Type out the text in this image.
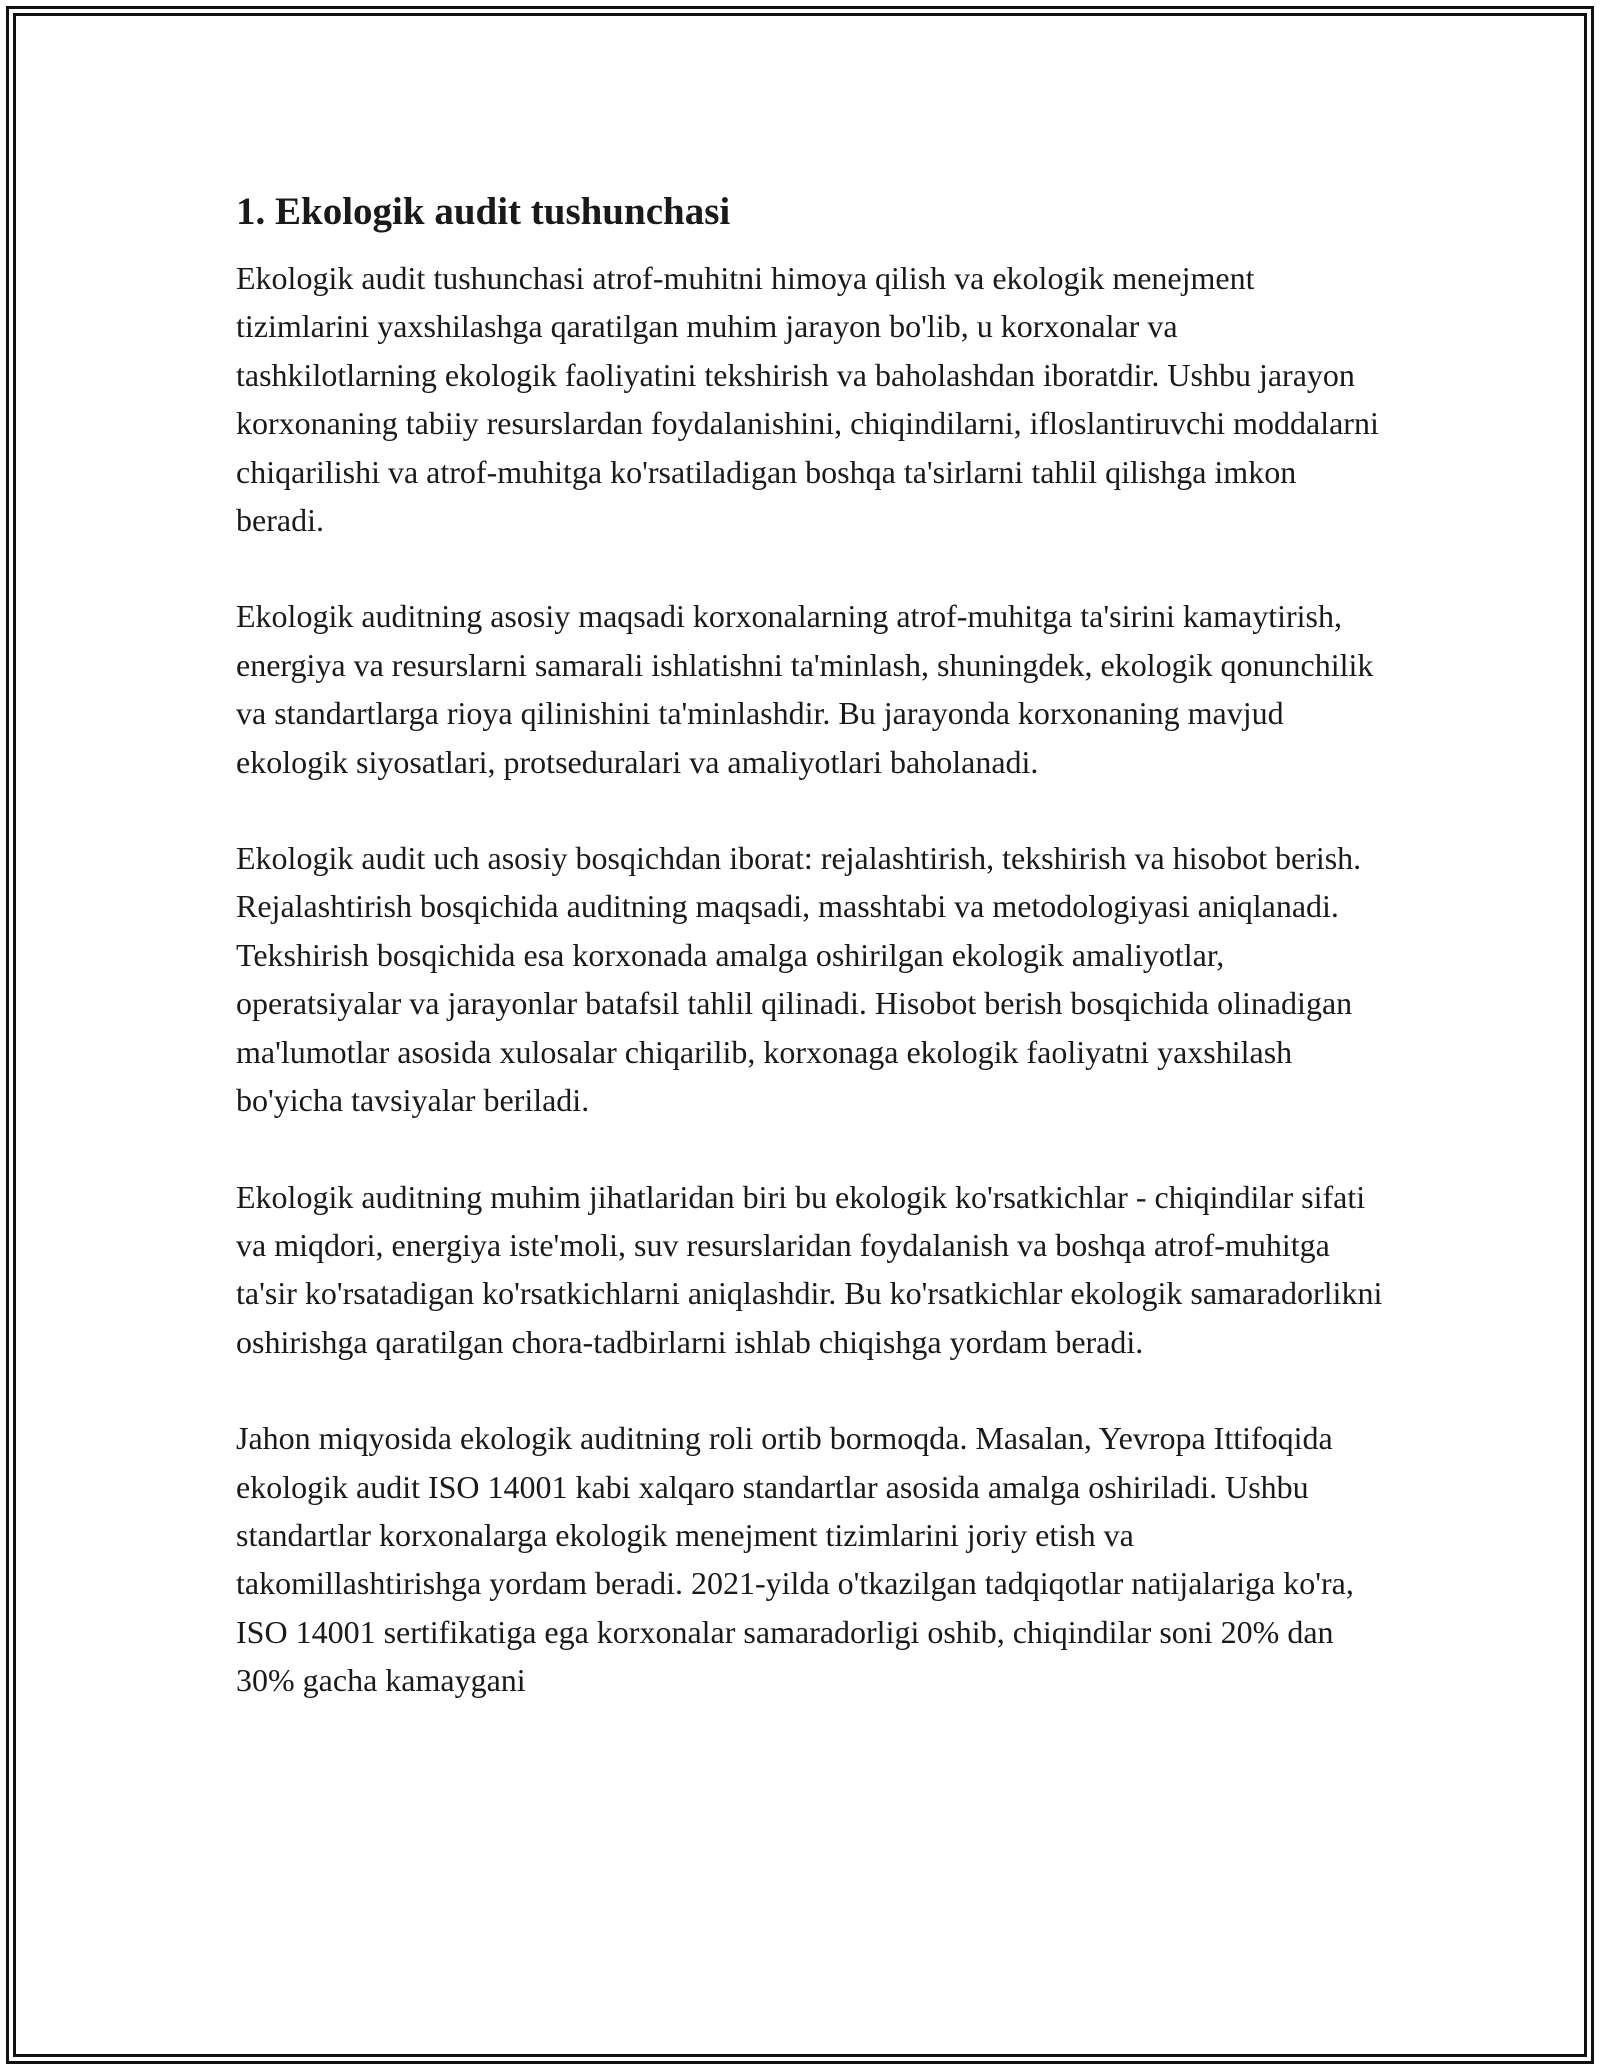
1. Ekologik audit tushunchasi

Ekologik audit tushunchasi atrof-muhitni himoya qilish va ekologik menejment tizimlarini yaxshilashga qaratilgan muhim jarayon bo'lib, u korxonalar va tashkilotlarning ekologik faoliyatini tekshirish va baholashdan iboratdir. Ushbu jarayon korxonaning tabiiy resurslardan foydalanishini, chiqindilarni, ifloslantiruvchi moddalarni chiqarilishi va atrof-muhitga ko'rsatiladigan boshqa ta'sirlarni tahlil qilishga imkon beradi.

Ekologik auditning asosiy maqsadi korxonalarning atrof-muhitga ta'sirini kamaytirish, energiya va resurslarni samarali ishlatishni ta'minlash, shuningdek, ekologik qonunchilik va standartlarga rioya qilinishini ta'minlashdir. Bu jarayonda korxonaning mavjud ekologik siyosatlari, protseduralari va amaliyotlari baholanadi.

Ekologik audit uch asosiy bosqichdan iborat: rejalashtirish, tekshirish va hisobot berish. Rejalashtirish bosqichida auditning maqsadi, masshtabi va metodologiyasi aniqlanadi. Tekshirish bosqichida esa korxonada amalga oshirilgan ekologik amaliyotlar, operatsiyalar va jarayonlar batafsil tahlil qilinadi. Hisobot berish bosqichida olinadigan ma'lumotlar asosida xulosalar chiqarilib, korxonaga ekologik faoliyatni yaxshilash bo'yicha tavsiyalar beriladi.

Ekologik auditning muhim jihatlaridan biri bu ekologik ko'rsatkichlar - chiqindilar sifati va miqdori, energiya iste'moli, suv resurslaridan foydalanish va boshqa atrof-muhitga ta'sir ko'rsatadigan ko'rsatkichlarni aniqlashdir. Bu ko'rsatkichlar ekologik samaradorlikni oshirishga qaratilgan chora-tadbirlarni ishlab chiqishga yordam beradi.

Jahon miqyosida ekologik auditning roli ortib bormoqda. Masalan, Yevropa Ittifoqida ekologik audit ISO 14001 kabi xalqaro standartlar asosida amalga oshiriladi. Ushbu standartlar korxonalarga ekologik menejment tizimlarini joriy etish va takomillashtirishga yordam beradi. 2021-yilda o'tkazilgan tadqiqotlar natijalariga ko'ra, ISO 14001 sertifikatiga ega korxonalar samaradorligi oshib, chiqindilar soni 20% dan 30% gacha kamaygani
